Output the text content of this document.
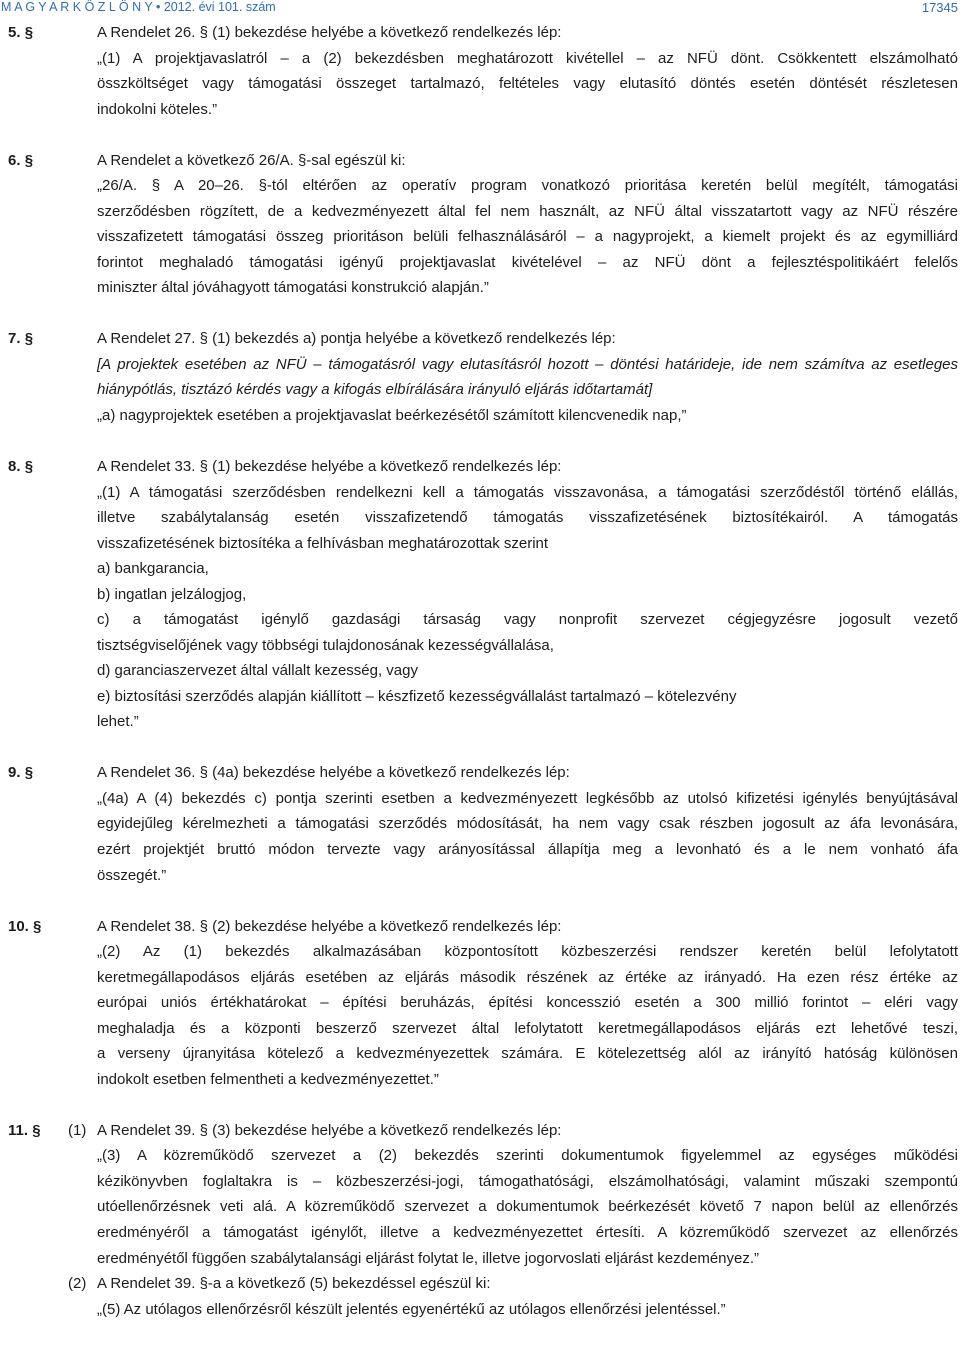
M A G Y A R K Ö Z L Ö N Y • 2012. évi 101. szám	17345
5. §	A Rendelet 26. § (1) bekezdése helyébe a következő rendelkezés lép:
„(1) A projektjavaslatról – a (2) bekezdésben meghatározott kivétellel – az NFÜ dönt. Csökkentett elszámolható
összköltséget vagy támogatási összeget tartalmazó, feltételes vagy elutasító döntés esetén döntését részletesen
indokolni köteles.”
6. §	A Rendelet a következő 26/A. §-sal egészül ki:
„26/A. § A 20–26. §-tól eltérően az operatív program vonatkozó prioritása keretén belül megítélt, támogatási
szerződésben rögzített, de a kedvezményezett által fel nem használt, az NFÜ által visszatartott vagy az NFÜ részére
visszafizetett támogatási összeg prioritáson belüli felhasználásáról – a nagyprojekt, a kiemelt projekt és az egymilliárd
forintot meghaladó támogatási igényű projektjavaslat kivételével – az NFÜ dönt a fejlesztéspolitikáért felelős
miniszter által jóváhagyott támogatási konstrukció alapján.”
7. §	A Rendelet 27. § (1) bekezdés a) pontja helyébe a következő rendelkezés lép:
[A projektek esetében az NFÜ – támogatásról vagy elutasításról hozott – döntési határideje, ide nem számítva az esetleges
hiánypótlás, tisztázó kérdés vagy a kifogás elbírálására irányuló eljárás időtartamát]
„a) nagyprojektek esetében a projektjavaslat beérkezésétől számított kilencvenedik nap,”
8. §	A Rendelet 33. § (1) bekezdése helyébe a következő rendelkezés lép:
„(1) A támogatási szerződésben rendelkezni kell a támogatás visszavonása, a támogatási szerződéstől történő elállás,
illetve szabálytalanság esetén visszafizetendő támogatás visszafizetésének biztosítékairól. A támogatás
visszafizetésének biztosítéka a felhívásban meghatározottak szerint
a) bankgarancia,
b) ingatlan jelzálogjog,
c) a támogatást igénylő gazdasági társaság vagy nonprofit szervezet cégjegyzésre jogosult vezető
tisztségviselőjének vagy többségi tulajdonosának kezességvállalása,
d) garanciaszervezet által vállalt kezesség, vagy
e) biztosítási szerződés alapján kiállított – készfizető kezességvállalást tartalmazó – kötelezvény
lehet.”
9. §	A Rendelet 36. § (4a) bekezdése helyébe a következő rendelkezés lép:
„(4a) A (4) bekezdés c) pontja szerinti esetben a kedvezményezett legkésőbb az utolsó kifizetési igénylés benyújtásával
egyidejűleg kérelmezheti a támogatási szerződés módosítását, ha nem vagy csak részben jogosult az áfa levonására,
ezért projektjét bruttó módon tervezte vagy arányosítással állapítja meg a levonható és a le nem vonható áfa
összegét.”
10. §	A Rendelet 38. § (2) bekezdése helyébe a következő rendelkezés lép:
„(2) Az (1) bekezdés alkalmazásában központosított közbeszerzési rendszer keretén belül lefolytatott
keretmegállapodásos eljárás esetében az eljárás második részének az értéke az irányadó. Ha ezen rész értéke az
európai uniós értékhatárokat – építési beruházás, építési koncesszió esetén a 300 millió forintot – eléri vagy
meghaladja és a központi beszerző szervezet által lefolytatott keretmegállapodásos eljárás ezt lehetővé teszi,
a verseny újranyitása kötelező a kedvezményezettek számára. E kötelezettség alól az irányító hatóság különösen
indokolt esetben felmentheti a kedvezményezettet.”
11. § (1) A Rendelet 39. § (3) bekezdése helyébe a következő rendelkezés lép:
„(3) A közreműködő szervezet a (2) bekezdés szerinti dokumentumok figyelemmel az egységes működési
kézikönyvben foglaltakra is – közbeszerzési-jogi, támogathatósági, elszámolhatósági, valamint műszaki szempontú
utóellenőrzésnek veti alá. A közreműködő szervezet a dokumentumok beérkezését követő 7 napon belül az ellenőrzés
eredményéről a támogatást igénylőt, illetve a kedvezményezettet értesíti. A közreműködő szervezet az ellenőrzés
eredményétől függően szabálytalansági eljárást folytat le, illetve jogorvoslati eljárást kezdeményez.”
(2) A Rendelet 39. §-a a következő (5) bekezdéssel egészül ki:
„(5) Az utólagos ellenőrzésről készült jelentés egyenértékű az utólagos ellenőrzési jelentéssel.”
